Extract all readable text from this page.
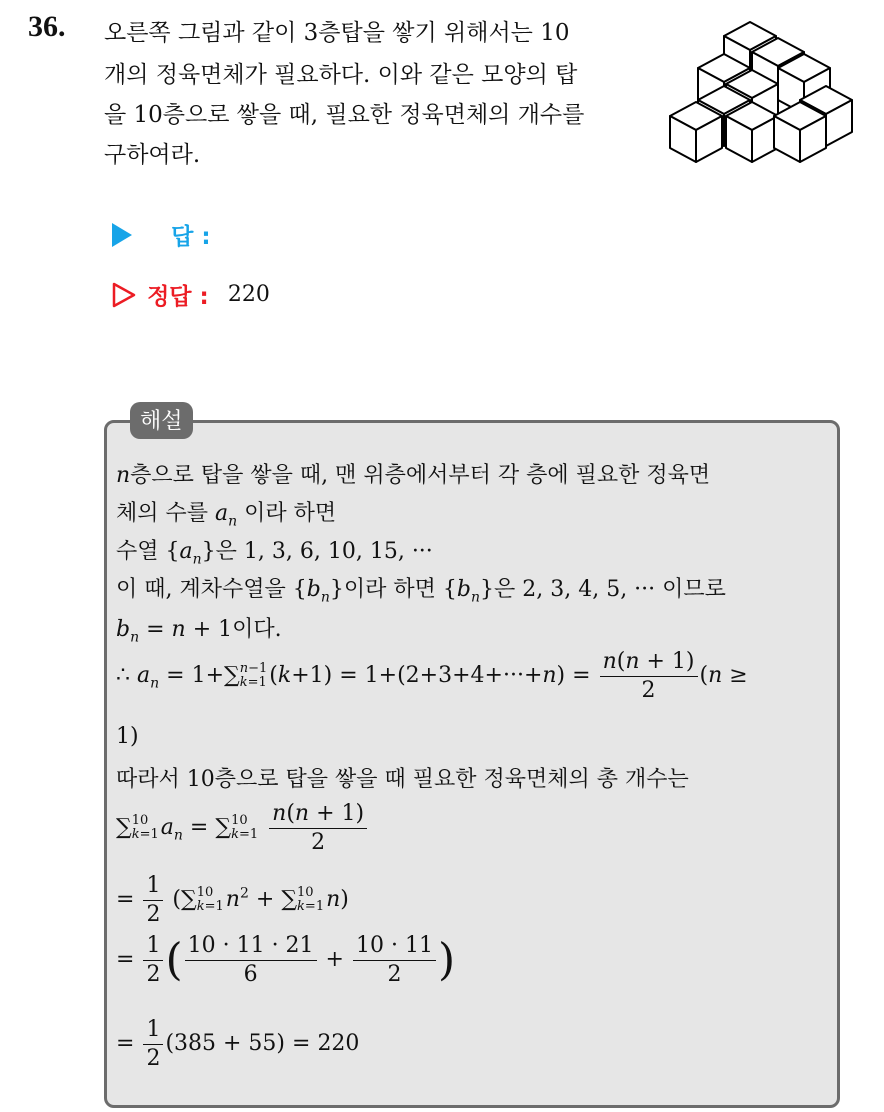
36. 오른쪽 그림과 같이 3층탑을 쌓기 위해서는 10
개의 정육면체가 필요하다. 이와 같은 모양의 탑
을 10층으로 쌓을 때, 필요한 정육면체의 개수를
구하여라.
답 :
정답 : 220
해설
n층으로 탑을 쌓을 때, 맨 위층에서부터 각 층에 필요한 정육면
체의 수를 $a_n$ 이라 하면
수열 $\{a_n\}$은 1, 3, 6, 10, 15, ···
이 때, 계차수열을 $\{b_n\}$이라 하면 $\{b_n\}$은 2, 3, 4, 5, ··· 이므로
$b_n = n + 1$이다.
∴ $a_n = 1+\sum$ n−1
k=1 $(k+1) = 1+(2+3+4+\cdot\cdot\cdot+n) = \frac{n(n + 1)}{2} (n$ ≥
1)
따라서 10층으로 탑을 쌓을 때 필요한 정육면체의 총 개수는
∑ 10
k=1 $a_n$ = ∑ 10
k=1
$\frac{n(n + 1)}{2}$
= $\frac{1}{2}$ (∑ 10
k=1 $n^2$ + ∑ 10
k=1 n)
= $\frac{1}{2}$ ( $\frac{10 \cdot 11 \cdot 21}{6} + \frac{10 \cdot 11}{2}$ )
= $\frac{1}{2} (385 + 55) = 220$
